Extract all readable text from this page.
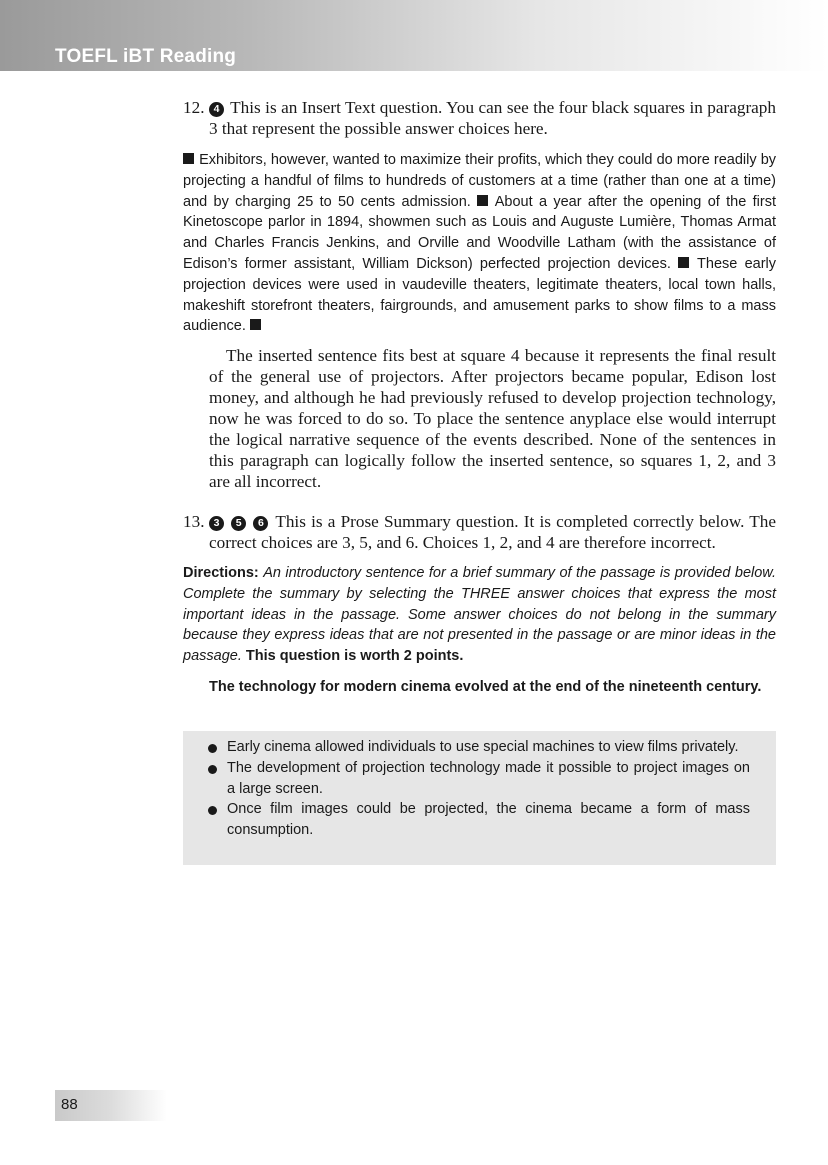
TOEFL iBT Reading
12. 4 This is an Insert Text question. You can see the four black squares in paragraph 3 that represent the possible answer choices here.
Exhibitors, however, wanted to maximize their profits, which they could do more readily by projecting a handful of films to hundreds of customers at a time (rather than one at a time) and by charging 25 to 50 cents admission. About a year after the opening of the first Kinetoscope parlor in 1894, showmen such as Louis and Auguste Lumière, Thomas Armat and Charles Francis Jenkins, and Orville and Woodville Latham (with the assistance of Edison’s former assistant, William Dickson) perfected projection devices. These early projection devices were used in vaudeville theaters, legitimate theaters, local town halls, makeshift storefront theaters, fairgrounds, and amusement parks to show films to a mass audience.
The inserted sentence fits best at square 4 because it represents the final result of the general use of projectors. After projectors became popular, Edison lost money, and although he had previously refused to develop projection technology, now he was forced to do so. To place the sentence anyplace else would interrupt the logical narrative sequence of the events described. None of the sentences in this paragraph can logically follow the inserted sentence, so squares 1, 2, and 3 are all incorrect.
13. 3 5 6 This is a Prose Summary question. It is completed correctly below. The correct choices are 3, 5, and 6. Choices 1, 2, and 4 are therefore incorrect.
Directions: An introductory sentence for a brief summary of the passage is provided below. Complete the summary by selecting the THREE answer choices that express the most important ideas in the passage. Some answer choices do not belong in the summary because they express ideas that are not presented in the passage or are minor ideas in the passage. This question is worth 2 points.
The technology for modern cinema evolved at the end of the nineteenth century.
Early cinema allowed individuals to use special machines to view films privately.
The development of projection technology made it possible to project images on a large screen.
Once film images could be projected, the cinema became a form of mass consumption.
88
